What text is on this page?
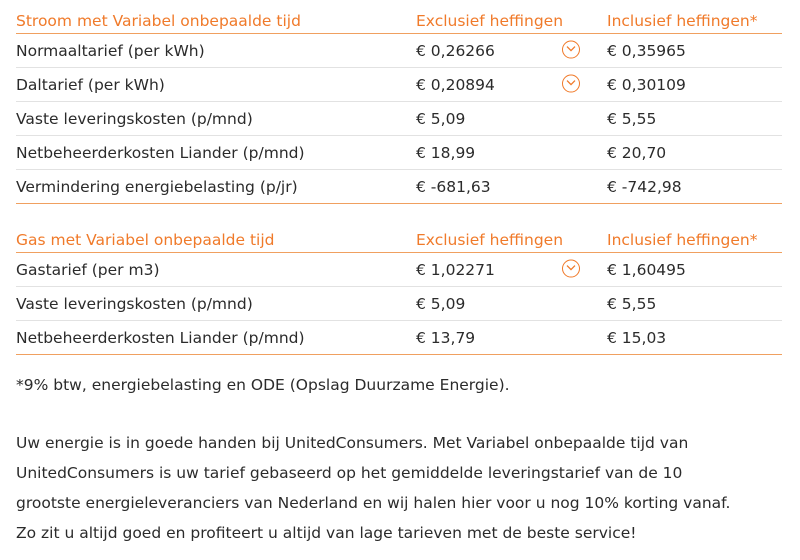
Stroom met Variabel onbepaalde tijd	Exclusief heffingen	Inclusief heffingen*
Normaaltarief (per kWh)	€ 0,26266	€ 0,35965
Daltarief (per kWh)	€ 0,20894	€ 0,30109
Vaste leveringskosten (p/mnd)	€ 5,09	€ 5,55
Netbeheerderkosten Liander (p/mnd)	€ 18,99	€ 20,70
Vermindering energiebelasting (p/jr)	€ -681,63	€ -742,98
Gas met Variabel onbepaalde tijd	Exclusief heffingen	Inclusief heffingen*
Gastarief (per m3)	€ 1,02271	€ 1,60495
Vaste leveringskosten (p/mnd)	€ 5,09	€ 5,55
Netbeheerderkosten Liander (p/mnd)	€ 13,79	€ 15,03
*9% btw, energiebelasting en ODE (Opslag Duurzame Energie).
Uw energie is in goede handen bij UnitedConsumers. Met Variabel onbepaalde tijd van
UnitedConsumers is uw tarief gebaseerd op het gemiddelde leveringstarief van de 10
grootste energieleveranciers van Nederland en wij halen hier voor u nog 10% korting vanaf.
Zo zit u altijd goed en profiteert u altijd van lage tarieven met de beste service!
